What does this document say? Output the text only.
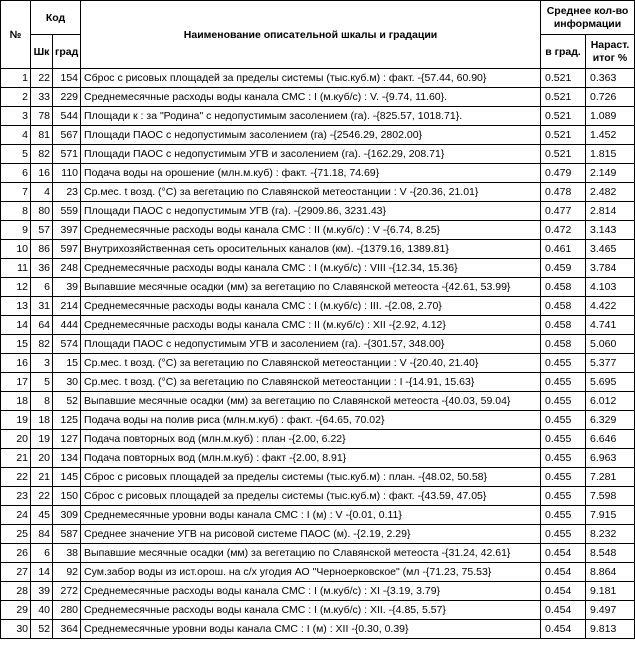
№	Код		Наименование описательной шкалы и градации	Среднее кол-во информации	
	Шк	град		в град.	Нараст. итог %
1	22	154	Сброс с рисовых площадей за пределы системы (тыс.куб.м) : факт. -{57.44, 60.90}	0.521	0.363
2	33	229	Среднемесячные расходы воды канала СМС : I (м.куб/с) : V. -{9.74, 11.60}.	0.521	0.726
3	78	544	Площади к : за "Родина" с недопустимым засолением (га). -{825.57, 1018.71}.	0.521	1.089
4	81	567	Площади ПАОС с недопустимым засолением (га) -{2546.29, 2802.00}	0.521	1.452
5	82	571	Площади ПАОС с недопустимым УГВ и засолением (га). -{162.29, 208.71}	0.521	1.815
6	16	110	Подача воды на орошение (млн.м.куб) : факт. -{71.18, 74.69}	0.479	2.149
7	4	23	Ср.мес. t возд. (°С) за вегетацию по Славянской метеостанции : V -{20.36, 21.01}	0.478	2.482
8	80	559	Площади ПАОС с недопустимым УГВ (га). -{2909.86, 3231.43}	0.477	2.814
9	57	397	Среднемесячные расходы воды канала СМС : II (м.куб/с) : V -{6.74, 8.25}	0.472	3.143
10	86	597	Внутрихозяйственная сеть оросительных каналов (км). -{1379.16, 1389.81}	0.461	3.465
11	36	248	Среднемесячные расходы воды канала СМС : I (м.куб/с) : VIII -{12.34, 15.36}	0.459	3.784
12	6	39	Выпавшие месячные осадки (мм) за вегетацию по Славянской метеоста -{42.61, 53.99}	0.458	4.103
13	31	214	Среднемесячные расходы воды канала СМС : I (м.куб/с) : III. -{2.08, 2.70}	0.458	4.422
14	64	444	Среднемесячные расходы воды канала СМС : II (м.куб/с) : XII -{2.92, 4.12}	0.458	4.741
15	82	574	Площади ПАОС с недопустимым УГВ и засолением (га). -{301.57, 348.00}	0.458	5.060
16	3	15	Ср.мес. t возд. (°С) за вегетацию по Славянской метеостанции : V -{20.40, 21.40}	0.455	5.377
17	5	30	Ср.мес. t возд. (°С) за вегетацию по Славянской метеостанции : I -{14.91, 15.63}	0.455	5.695
18	8	52	Выпавшие месячные осадки (мм) за вегетацию по Славянской метеоста -{40.03, 59.04}	0.455	6.012
19	18	125	Подача воды на полив риса (млн.м.куб) : факт. -{64.65, 70.02}	0.455	6.329
20	19	127	Подача повторных вод (млн.м.куб) : план -{2.00, 6.22}	0.455	6.646
21	20	134	Подача повторных вод (млн.м.куб) : факт -{2.00, 8.91}	0.455	6.963
22	21	145	Сброс с рисовых площадей за пределы системы (тыс.куб.м) : план. -{48.02, 50.58}	0.455	7.281
23	22	150	Сброс с рисовых площадей за пределы системы (тыс.куб.м) : факт. -{43.59, 47.05}	0.455	7.598
24	45	309	Среднемесячные уровни воды канала СМС : I (м) : V -{0.01, 0.11}	0.455	7.915
25	84	587	Среднее значение УГВ на рисовой системе ПАОС (м). -{2.19, 2.29}	0.455	8.232
26	6	38	Выпавшие месячные осадки (мм) за вегетацию по Славянской метеоста -{31.24, 42.61}	0.454	8.548
27	14	92	Сум.забор воды из ист.орош. на с/х угодия АО "Черноерковское" (мл -{71.23, 75.53}	0.454	8.864
28	39	272	Среднемесячные расходы воды канала СМС : I (м.куб/с) : XI -{3.19, 3.79}	0.454	9.181
29	40	280	Среднемесячные расходы воды канала СМС : I (м.куб/с) : XII. -{4.85, 5.57}	0.454	9.497
30	52	364	Среднемесячные уровни воды канала СМС : I (м) : XII -{0.30, 0.39}	0.454	9.813
